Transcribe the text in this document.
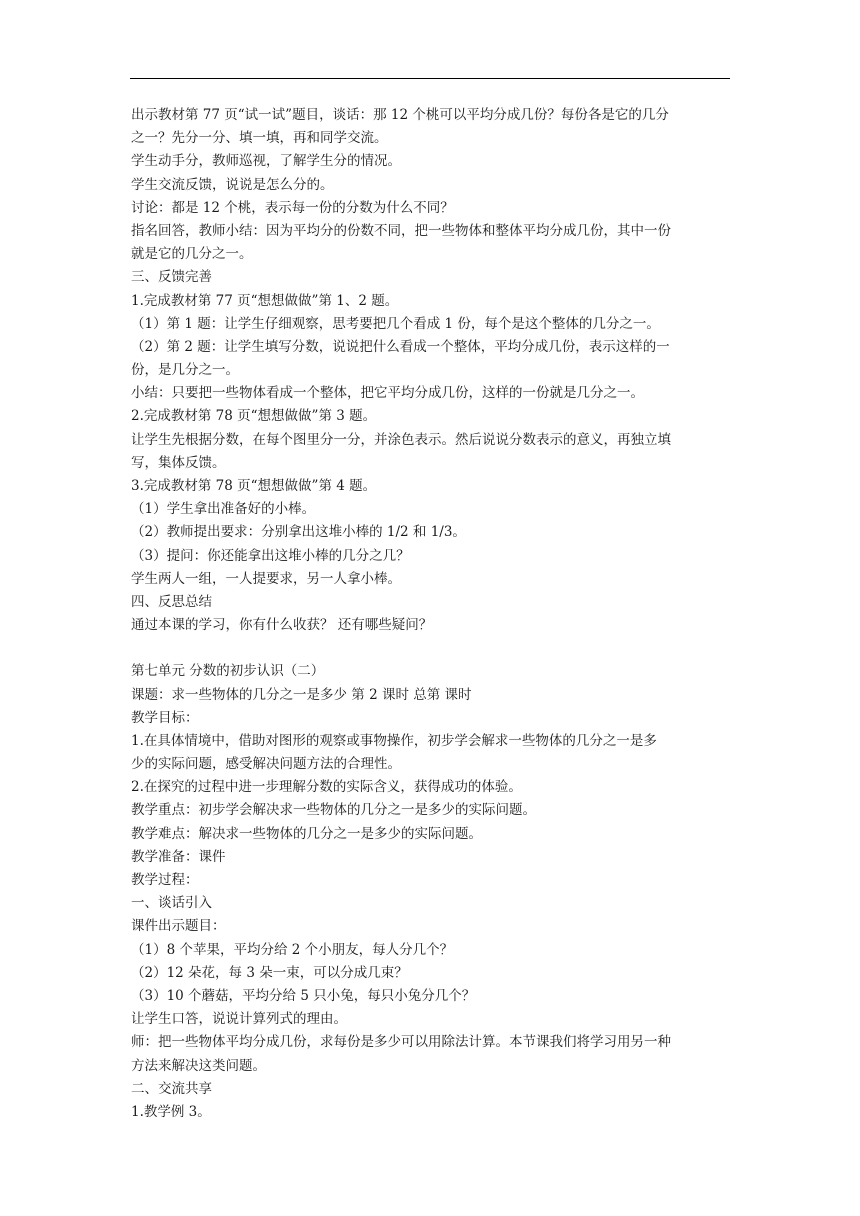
出示教材第 77 页“试一试”题目，谈话：那 12 个桃可以平均分成几份？每份各是它的几分
之一？先分一分、填一填，再和同学交流。
学生动手分，教师巡视，了解学生分的情况。
学生交流反馈，说说是怎么分的。
讨论：都是 12 个桃，表示每一份的分数为什么不同？
指名回答，教师小结：因为平均分的份数不同，把一些物体和整体平均分成几份，其中一份
就是它的几分之一。
三、反馈完善
1.完成教材第 77 页“想想做做”第 1、2 题。
（1）第 1 题：让学生仔细观察，思考要把几个看成 1 份，每个是这个整体的几分之一。
（2）第 2 题：让学生填写分数，说说把什么看成一个整体，平均分成几份，表示这样的一
份，是几分之一。
小结：只要把一些物体看成一个整体，把它平均分成几份，这样的一份就是几分之一。
2.完成教材第 78 页“想想做做”第 3 题。
让学生先根据分数，在每个图里分一分，并涂色表示。然后说说分数表示的意义，再独立填
写，集体反馈。
3.完成教材第 78 页“想想做做”第 4 题。
（1）学生拿出准备好的小棒。
（2）教师提出要求：分别拿出这堆小棒的 1/2 和 1/3。
（3）提问：你还能拿出这堆小棒的几分之几？
学生两人一组，一人提要求，另一人拿小棒。
四、反思总结
通过本课的学习，你有什么收获？ 还有哪些疑问？
第七单元 分数的初步认识（二）
课题：求一些物体的几分之一是多少 第 2 课时 总第 课时
教学目标：
1.在具体情境中，借助对图形的观察或事物操作，初步学会解求一些物体的几分之一是多
少的实际问题，感受解决问题方法的合理性。
2.在探究的过程中进一步理解分数的实际含义，获得成功的体验。
教学重点：初步学会解决求一些物体的几分之一是多少的实际问题。
教学难点：解决求一些物体的几分之一是多少的实际问题。
教学准备：课件
教学过程：
一、谈话引入
课件出示题目：
（1）8 个苹果，平均分给 2 个小朋友，每人分几个？
（2）12 朵花，每 3 朵一束，可以分成几束？
（3）10 个蘑菇，平均分给 5 只小兔，每只小兔分几个？
让学生口答，说说计算列式的理由。
师：把一些物体平均分成几份，求每份是多少可以用除法计算。本节课我们将学习用另一种
方法来解决这类问题。
二、交流共享
1.教学例 3。
